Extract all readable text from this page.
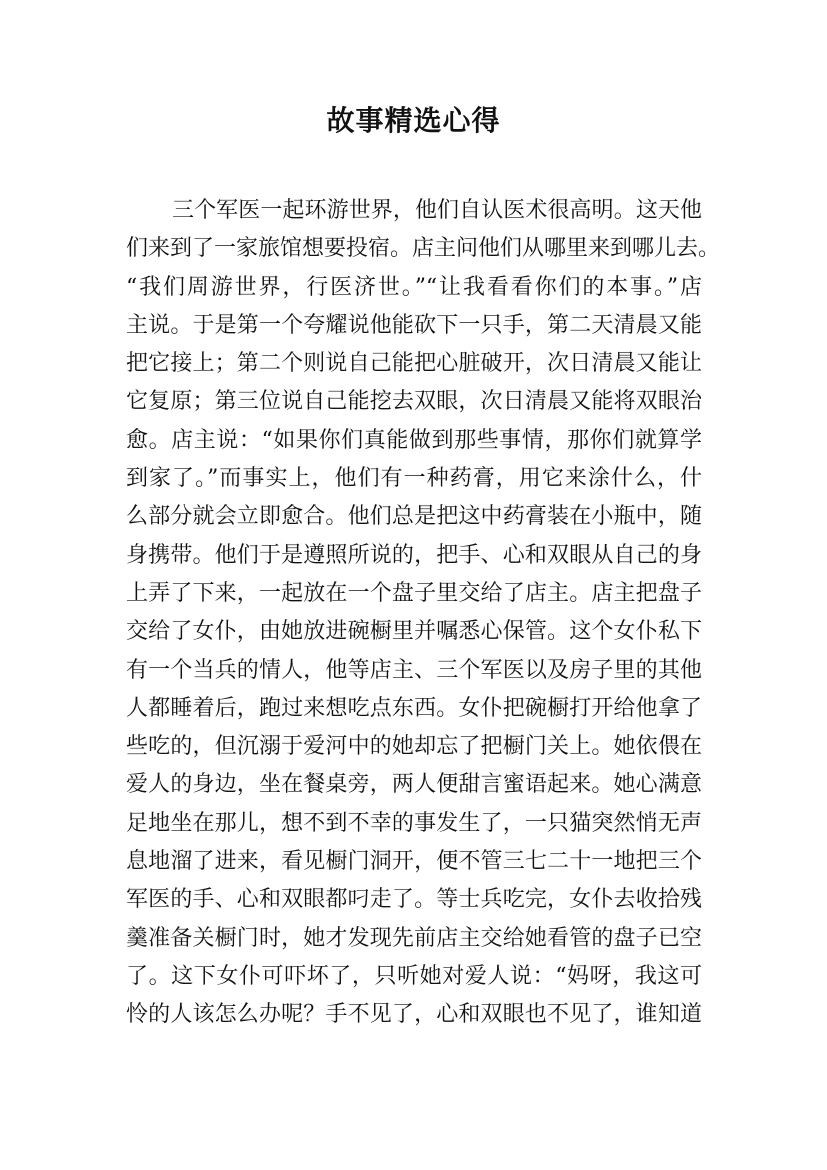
故事精选心得
三个军医一起环游世界，他们自认医术很高明。这天他
们来到了一家旅馆想要投宿。店主问他们从哪里来到哪儿去。
“我们周游世界，行医济世。”“让我看看你们的本事。”店
主说。于是第一个夸耀说他能砍下一只手，第二天清晨又能
把它接上；第二个则说自己能把心脏破开，次日清晨又能让
它复原；第三位说自己能挖去双眼，次日清晨又能将双眼治
愈。店主说：“如果你们真能做到那些事情，那你们就算学
到家了。”而事实上，他们有一种药膏，用它来涂什么，什
么部分就会立即愈合。他们总是把这中药膏装在小瓶中，随
身携带。他们于是遵照所说的，把手、心和双眼从自己的身
上弄了下来，一起放在一个盘子里交给了店主。店主把盘子
交给了女仆，由她放进碗橱里并嘱悉心保管。这个女仆私下
有一个当兵的情人，他等店主、三个军医以及房子里的其他
人都睡着后，跑过来想吃点东西。女仆把碗橱打开给他拿了
些吃的，但沉溺于爱河中的她却忘了把橱门关上。她依偎在
爱人的身边，坐在餐桌旁，两人便甜言蜜语起来。她心满意
足地坐在那儿，想不到不幸的事发生了，一只猫突然悄无声
息地溜了进来，看见橱门洞开，便不管三七二十一地把三个
军医的手、心和双眼都叼走了。等士兵吃完，女仆去收拾残
羹准备关橱门时，她才发现先前店主交给她看管的盘子已空
了。这下女仆可吓坏了，只听她对爱人说：“妈呀，我这可
怜的人该怎么办呢？手不见了，心和双眼也不见了，谁知道
